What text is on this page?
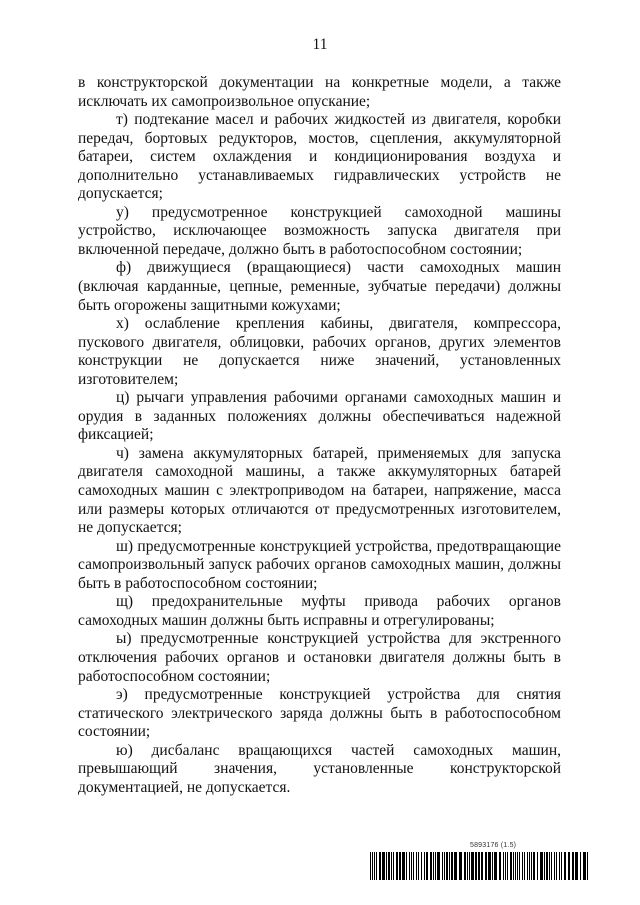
11

в конструкторской документации на конкретные модели, а также исключать их самопроизвольное опускание;

т) подтекание масел и рабочих жидкостей из двигателя, коробки передач, бортовых редукторов, мостов, сцепления, аккумуляторной батареи, систем охлаждения и кондиционирования воздуха и дополнительно устанавливаемых гидравлических устройств не допускается;

у) предусмотренное конструкцией самоходной машины устройство, исключающее возможность запуска двигателя при включенной передаче, должно быть в работоспособном состоянии;

ф) движущиеся (вращающиеся) части самоходных машин (включая карданные, цепные, ременные, зубчатые передачи) должны быть огорожены защитными кожухами;

х) ослабление крепления кабины, двигателя, компрессора, пускового двигателя, облицовки, рабочих органов, других элементов конструкции не допускается ниже значений, установленных изготовителем;

ц) рычаги управления рабочими органами самоходных машин и орудия в заданных положениях должны обеспечиваться надежной фиксацией;

ч) замена аккумуляторных батарей, применяемых для запуска двигателя самоходной машины, а также аккумуляторных батарей самоходных машин с электроприводом на батареи, напряжение, масса или размеры которых отличаются от предусмотренных изготовителем, не допускается;

ш) предусмотренные конструкцией устройства, предотвращающие самопроизвольный запуск рабочих органов самоходных машин, должны быть в работоспособном состоянии;

щ) предохранительные муфты привода рабочих органов самоходных машин должны быть исправны и отрегулированы;

ы) предусмотренные конструкцией устройства для экстренного отключения рабочих органов и остановки двигателя должны быть в работоспособном состоянии;

э) предусмотренные конструкцией устройства для снятия статического электрического заряда должны быть в работоспособном состоянии;

ю) дисбаланс вращающихся частей самоходных машин, превышающий значения, установленные конструкторской документацией, не допускается.

5893176 (1.5)
